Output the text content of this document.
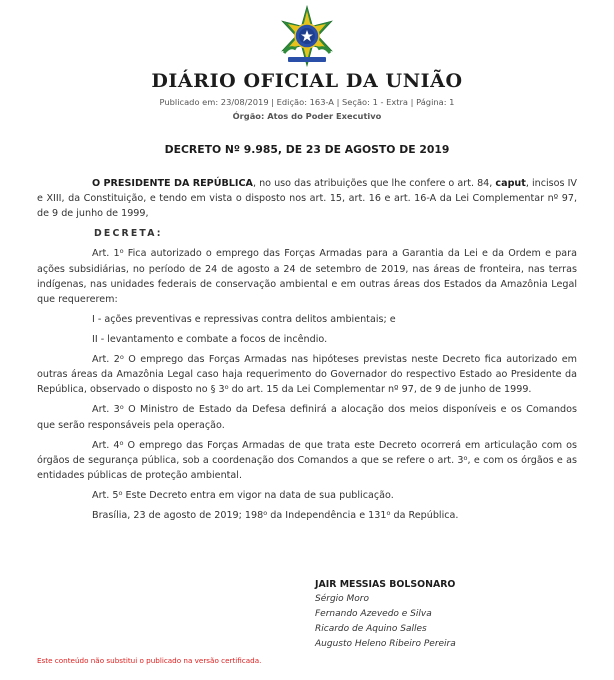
DIÁRIO OFICIAL DA UNIÃO
Publicado em: 23/08/2019 | Edição: 163-A | Seção: 1 - Extra | Página: 1
Órgão: Atos do Poder Executivo
DECRETO Nº 9.985, DE 23 DE AGOSTO DE 2019

O PRESIDENTE DA REPÚBLICA, no uso das atribuições que lhe confere o art. 84, caput, incisos IV e XIII, da Constituição, e tendo em vista o disposto nos art. 15, art. 16 e art. 16-A da Lei Complementar nº 97, de 9 de junho de 1999,

DECRETA:

Art. 1$^o$ Fica autorizado o emprego das Forças Armadas para a Garantia da Lei e da Ordem e para ações subsidiárias, no período de 24 de agosto a 24 de setembro de 2019, nas áreas de fronteira, nas terras indígenas, nas unidades federais de conservação ambiental e em outras áreas dos Estados da Amazônia Legal que requererem:

I - ações preventivas e repressivas contra delitos ambientais; e

II - levantamento e combate a focos de incêndio.

Art. 2$^o$ O emprego das Forças Armadas nas hipóteses previstas neste Decreto fica autorizado em outras áreas da Amazônia Legal caso haja requerimento do Governador do respectivo Estado ao Presidente da República, observado o disposto no § 3$^o$ do art. 15 da Lei Complementar nº 97, de 9 de junho de 1999.

Art. 3$^o$ O Ministro de Estado da Defesa definirá a alocação dos meios disponíveis e os Comandos que serão responsáveis pela operação.

Art. 4$^o$ O emprego das Forças Armadas de que trata este Decreto ocorrerá em articulação com os órgãos de segurança pública, sob a coordenação dos Comandos a que se refere o art. 3$^o$, e com os órgãos e as entidades públicas de proteção ambiental.

Art. 5$^o$ Este Decreto entra em vigor na data de sua publicação.

Brasília, 23 de agosto de 2019; 198$^o$ da Independência e 131$^o$ da República.

JAIR MESSIAS BOLSONARO
Sérgio Moro
Fernando Azevedo e Silva
Ricardo de Aquino Salles
Augusto Heleno Ribeiro Pereira
Este conteúdo não substitui o publicado na versão certificada.
